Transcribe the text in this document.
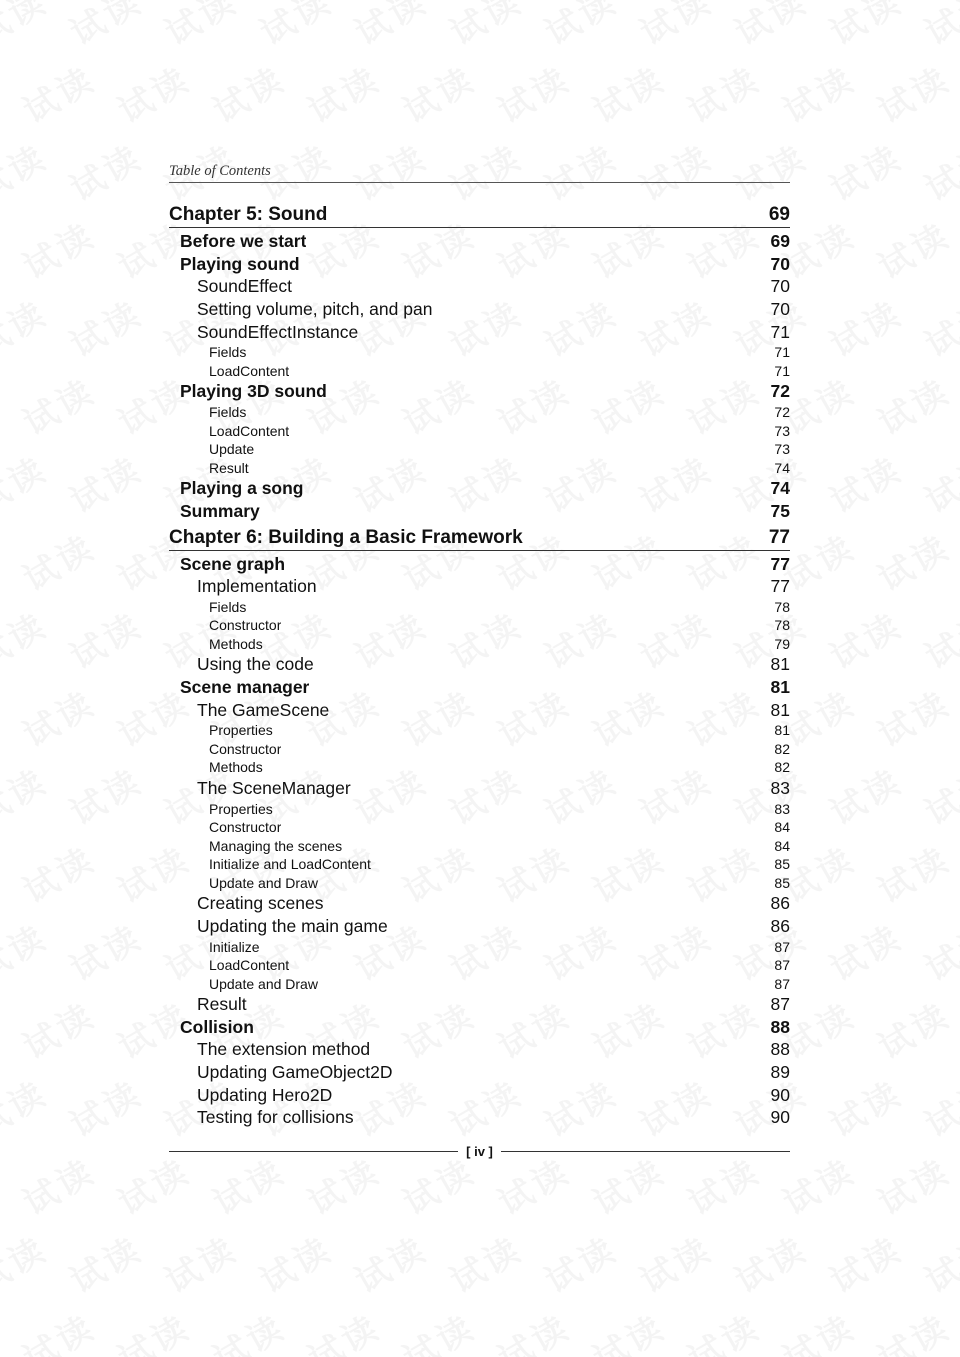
Table of Contents
Chapter 5: Sound	69
Before we start	69
Playing sound	70
SoundEffect	70
Setting volume, pitch, and pan	70
SoundEffectInstance	71
Fields	71
LoadContent	71
Playing 3D sound	72
Fields	72
LoadContent	73
Update	73
Result	74
Playing a song	74
Summary	75
Chapter 6: Building a Basic Framework	77
Scene graph	77
Implementation	77
Fields	78
Constructor	78
Methods	79
Using the code	81
Scene manager	81
The GameScene	81
Properties	81
Constructor	82
Methods	82
The SceneManager	83
Properties	83
Constructor	84
Managing the scenes	84
Initialize and LoadContent	85
Update and Draw	85
Creating scenes	86
Updating the main game	86
Initialize	87
LoadContent	87
Update and Draw	87
Result	87
Collision	88
The extension method	88
Updating GameObject2D	89
Updating Hero2D	90
Testing for collisions	90
[ iv ]
